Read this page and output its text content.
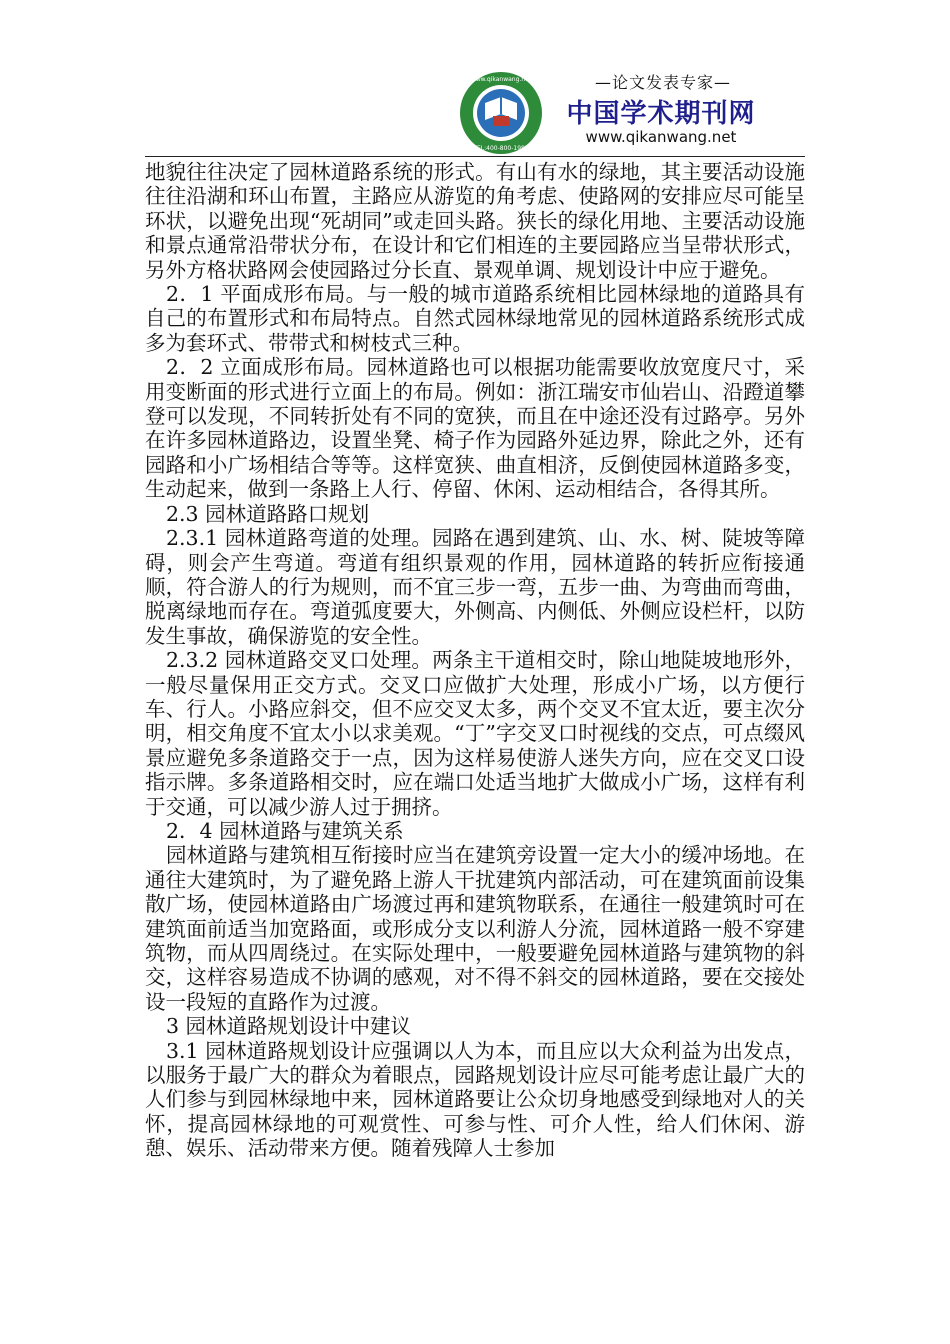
www.qikanwang.net
TEL:400-800-1983
—论文发表专家—
中国学术期刊网
www.qikanwang.net

地貌往往决定了园林道路系统的形式。有山有水的绿地，其主要活动设施往往沿湖和环山布置，主路应从游览的角考虑、使路网的安排应尽可能呈环状，以避免出现“死胡同”或走回头路。狭长的绿化用地、主要活动设施和景点通常沿带状分布，在设计和它们相连的主要园路应当呈带状形式，另外方格状路网会使园路过分长直、景观单调、规划设计中应于避免。

2．1 平面成形布局。与一般的城市道路系统相比园林绿地的道路具有自己的布置形式和布局特点。自然式园林绿地常见的园林道路系统形式成多为套环式、带带式和树枝式三种。

2．2 立面成形布局。园林道路也可以根据功能需要收放宽度尺寸，采用变断面的形式进行立面上的布局。例如：浙江瑞安市仙岩山、沿蹬道攀登可以发现，不同转折处有不同的宽狭，而且在中途还没有过路亭。另外在许多园林道路边，设置坐凳、椅子作为园路外延边界，除此之外，还有园路和小广场相结合等等。这样宽狭、曲直相济，反倒使园林道路多变，生动起来，做到一条路上人行、停留、休闲、运动相结合，各得其所。

2.3 园林道路路口规划

2.3.1 园林道路弯道的处理。园路在遇到建筑、山、水、树、陡坡等障碍，则会产生弯道。弯道有组织景观的作用，园林道路的转折应衔接通顺，符合游人的行为规则，而不宜三步一弯，五步一曲、为弯曲而弯曲，脱离绿地而存在。弯道弧度要大，外侧高、内侧低、外侧应设栏杆，以防发生事故，确保游览的安全性。

2.3.2 园林道路交叉口处理。两条主干道相交时，除山地陡坡地形外，一般尽量保用正交方式。交叉口应做扩大处理，形成小广场，以方便行车、行人。小路应斜交，但不应交叉太多，两个交叉不宜太近，要主次分明，相交角度不宜太小以求美观。“丁”字交叉口时视线的交点，可点缀风景应避免多条道路交于一点，因为这样易使游人迷失方向，应在交叉口设指示牌。多条道路相交时，应在端口处适当地扩大做成小广场，这样有利于交通，可以减少游人过于拥挤。

2．4 园林道路与建筑关系

园林道路与建筑相互衔接时应当在建筑旁设置一定大小的缓冲场地。在通往大建筑时，为了避免路上游人干扰建筑内部活动，可在建筑面前设集散广场，使园林道路由广场渡过再和建筑物联系，在通往一般建筑时可在建筑面前适当加宽路面，或形成分支以利游人分流，园林道路一般不穿建筑物，而从四周绕过。在实际处理中，一般要避免园林道路与建筑物的斜交，这样容易造成不协调的感观，对不得不斜交的园林道路，要在交接处设一段短的直路作为过渡。

3 园林道路规划设计中建议

3.1 园林道路规划设计应强调以人为本，而且应以大众利益为出发点，以服务于最广大的群众为着眼点，园路规划设计应尽可能考虑让最广大的人们参与到园林绿地中来，园林道路要让公众切身地感受到绿地对人的关怀，提高园林绿地的可观赏性、可参与性、可介人性，给人们休闲、游憩、娱乐、活动带来方便。随着残障人士参加
